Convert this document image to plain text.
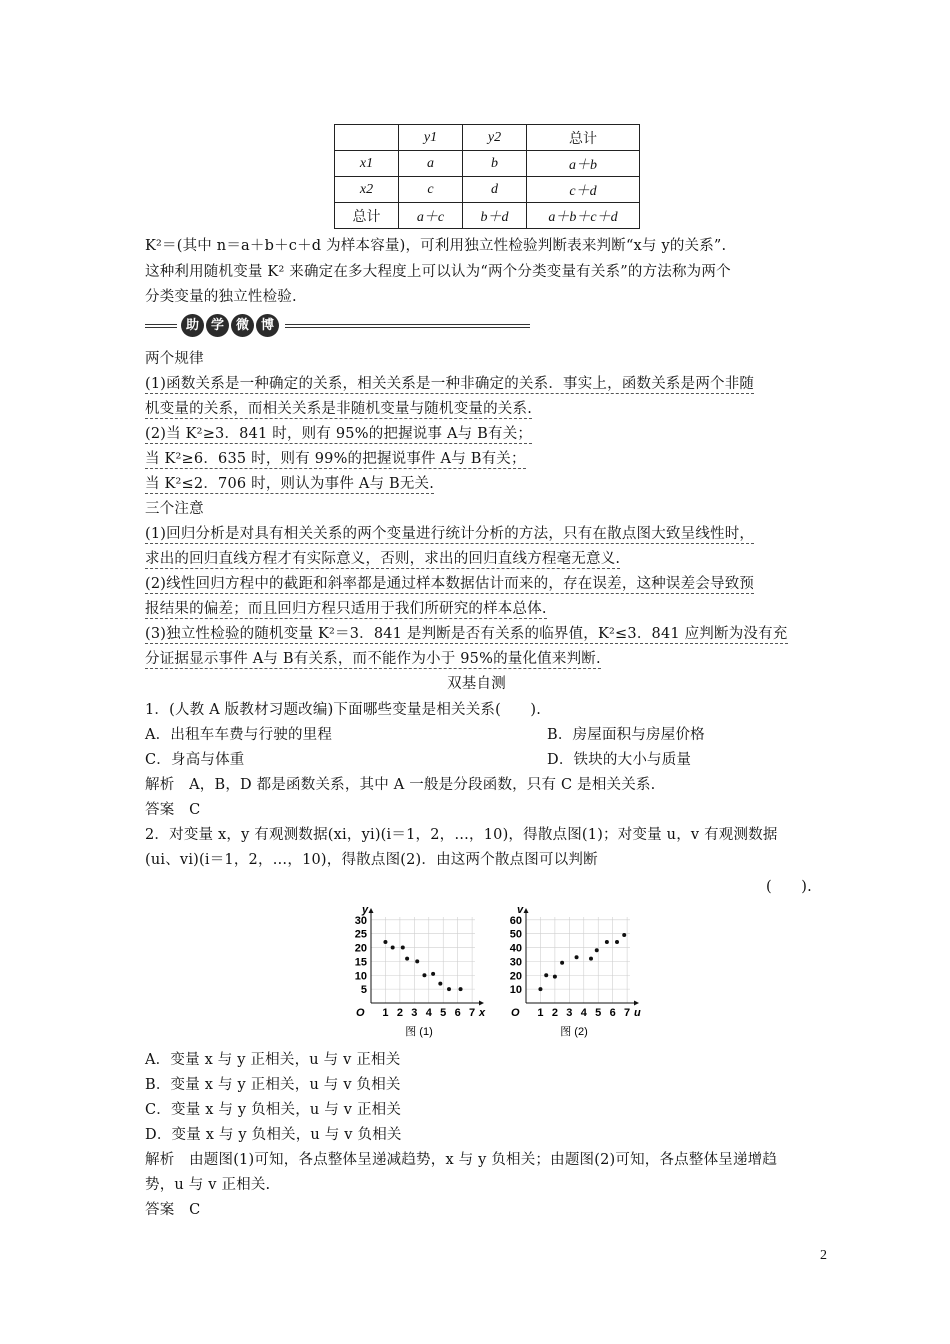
	y1	y2	总计
x1	a	b	a＋b
x2	c	d	c＋d
总计	a＋c	b＋d	a＋b＋c＋d
K²＝(其中 n＝a＋b＋c＋d 为样本容量)，可利用独立性检验判断表来判断“x与 y的关系”.
这种利用随机变量 K² 来确定在多大程度上可以认为“两个分类变量有关系”的方法称为两个
分类变量的独立性检验.
助 学 微 博
两个规律
(1)函数关系是一种确定的关系，相关关系是一种非确定的关系．事实上，函数关系是两个非随
机变量的关系，而相关关系是非随机变量与随机变量的关系.
(2)当 K²≥3．841 时，则有 95%的把握说事 A与 B有关；
当 K²≥6．635 时，则有 99%的把握说事件 A与 B有关；
当 K²≤2．706 时，则认为事件 A与 B无关.
三个注意
(1)回归分析是对具有相关关系的两个变量进行统计分析的方法，只有在散点图大致呈线性时，
求出的回归直线方程才有实际意义，否则，求出的回归直线方程毫无意义.
(2)线性回归方程中的截距和斜率都是通过样本数据估计而来的，存在误差，这种误差会导致预
报结果的偏差；而且回归方程只适用于我们所研究的样本总体.
(3)独立性检验的随机变量 K²＝3．841 是判断是否有关系的临界值，K²≤3．841 应判断为没有充
分证据显示事件 A与 B有关系，而不能作为小于 95%的量化值来判断.
双基自测
1．(人教 A 版教材习题改编)下面哪些变量是相关关系(　　).
A．出租车车费与行驶的里程	B．房屋面积与房屋价格
C．身高与体重	D．铁块的大小与质量
解析　A，B，D 都是函数关系，其中 A 一般是分段函数，只有 C 是相关关系.
答案　C
2．对变量 x，y 有观测数据(xi，yi)(i＝1，2，…，10)，得散点图(1)；对变量 u，v 有观测数据
(ui、vi)(i＝1，2，…，10)，得散点图(2)．由这两个散点图可以判断
(　　).
1 2 3 4 5 6 7
5
10
15
20
25
30
O	x
y
图 (1)
1 2 3 4 5 6 7
10
20
30
40
50
60
O	u
v
图 (2)
A．变量 x 与 y 正相关，u 与 v 正相关
B．变量 x 与 y 正相关，u 与 v 负相关
C．变量 x 与 y 负相关，u 与 v 正相关
D．变量 x 与 y 负相关，u 与 v 负相关
解析　由题图(1)可知，各点整体呈递减趋势，x 与 y 负相关；由题图(2)可知，各点整体呈递增趋
势，u 与 v 正相关.
答案　C
2
